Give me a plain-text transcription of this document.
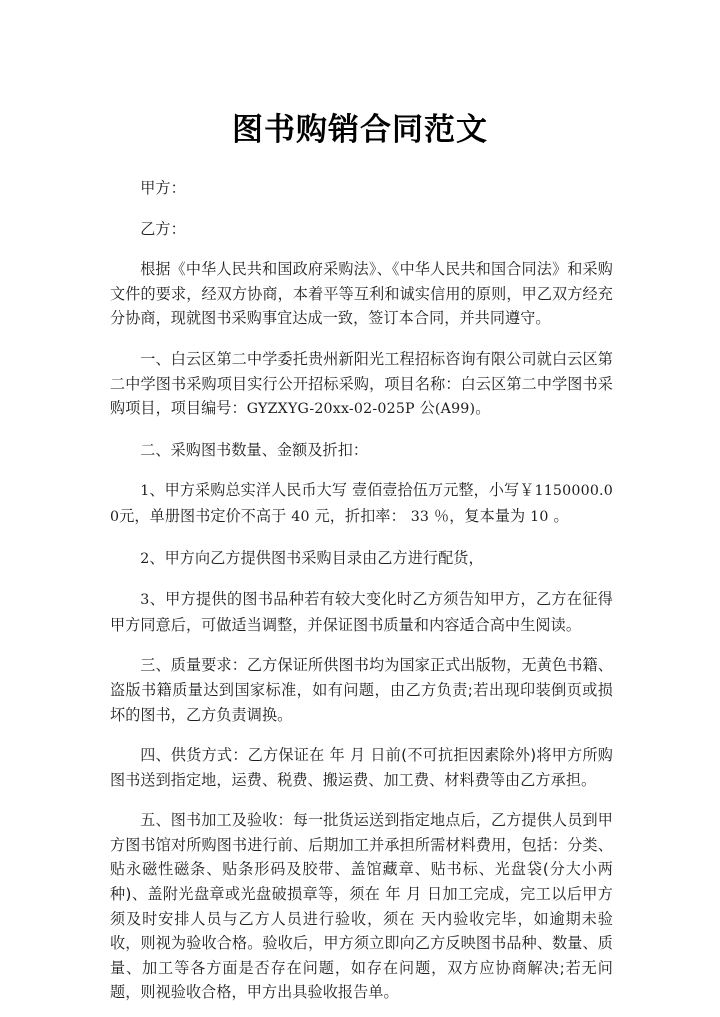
图书购销合同范文

甲方：

乙方：

根据《中华人民共和国政府采购法》、《中华人民共和国合同法》和采购文件的要求，经双方协商，本着平等互利和诚实信用的原则，甲乙双方经充分协商，现就图书采购事宜达成一致，签订本合同，并共同遵守。

一、白云区第二中学委托贵州新阳光工程招标咨询有限公司就白云区第二中学图书采购项目实行公开招标采购，项目名称：白云区第二中学图书采购项目，项目编号：GYZXYG-20xx-02-025P 公(A99)。

二、采购图书数量、金额及折扣：

1、甲方采购总实洋人民币大写 壹佰壹拾伍万元整，小写￥1150000.00元，单册图书定价不高于 40 元，折扣率： 33 ％，复本量为 10 。

2、甲方向乙方提供图书采购目录由乙方进行配货，

3、甲方提供的图书品种若有较大变化时乙方须告知甲方，乙方在征得甲方同意后，可做适当调整，并保证图书质量和内容适合高中生阅读。

三、质量要求：乙方保证所供图书均为国家正式出版物，无黄色书籍、盗版书籍质量达到国家标准，如有问题，由乙方负责;若出现印装倒页或损坏的图书，乙方负责调换。

四、供货方式：乙方保证在 年 月 日前(不可抗拒因素除外)将甲方所购图书送到指定地，运费、税费、搬运费、加工费、材料费等由乙方承担。

五、图书加工及验收：每一批货运送到指定地点后，乙方提供人员到甲方图书馆对所购图书进行前、后期加工并承担所需材料费用，包括：分类、贴永磁性磁条、贴条形码及胶带、盖馆藏章、贴书标、光盘袋(分大小两种)、盖附光盘章或光盘破损章等，须在 年 月 日加工完成，完工以后甲方须及时安排人员与乙方人员进行验收，须在 天内验收完毕，如逾期未验收，则视为验收合格。验收后，甲方须立即向乙方反映图书品种、数量、质量、加工等各方面是否存在问题，如存在问题，双方应协商解决;若无问题，则视验收合格，甲方出具验收报告单。
